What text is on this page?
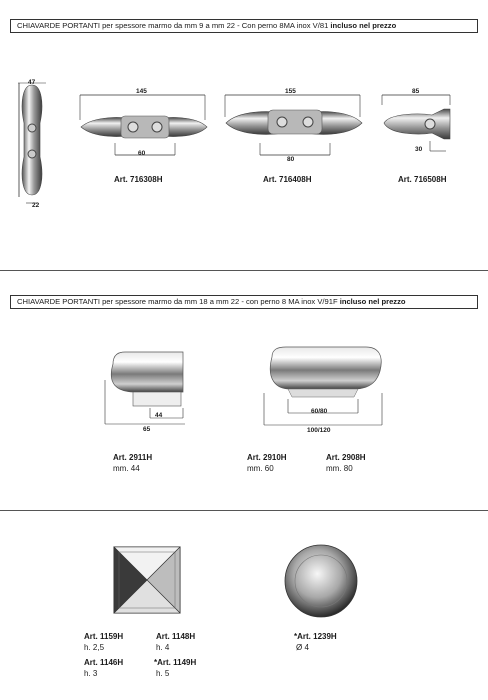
CHIAVARDE PORTANTI per spessore marmo da mm 9 a mm 22 - Con perno 8MA inox V/81 incluso nel prezzo
47
22
145
60
Art. 716308H
155
80
Art. 716408H
85
30
Art. 716508H
CHIAVARDE PORTANTI per spessore marmo da mm 18 a mm 22 - con perno 8 MA inox V/91F incluso nel prezzo
44
65
Art. 2911H
mm. 44
60/80
100/120
Art. 2910H
mm. 60
Art. 2908H
mm. 80
Art. 1159H
h. 2,5
Art. 1148H
h. 4
Art. 1146H
h. 3
*Art. 1149H
h. 5
*Art. 1239H
Ø 4
